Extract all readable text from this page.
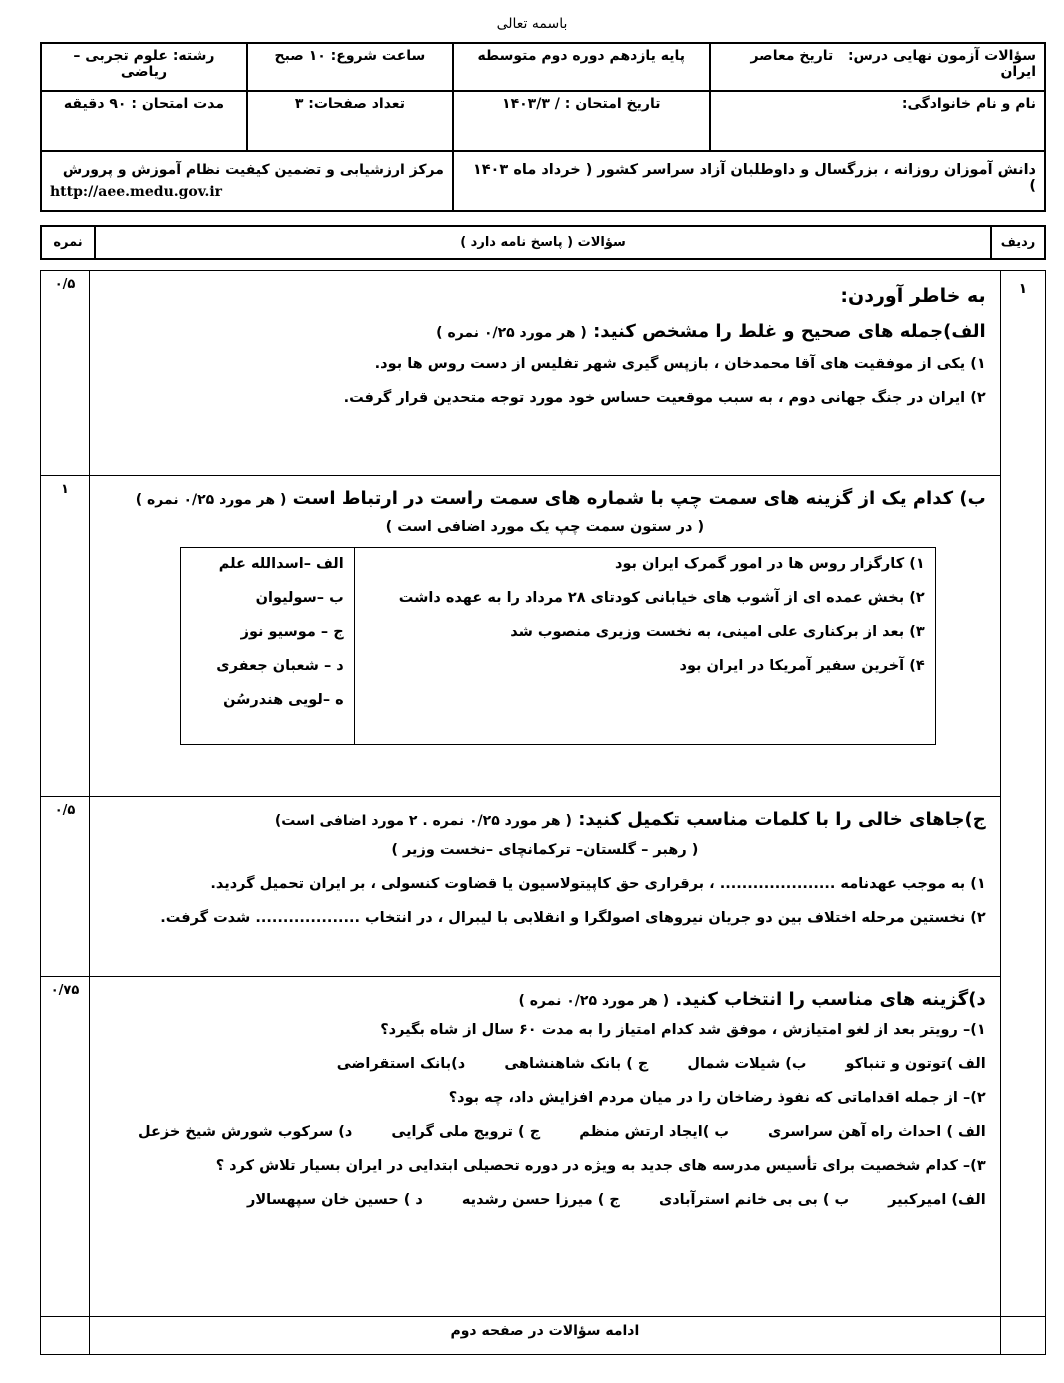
باسمه تعالی
سؤالات آزمون نهایی درس:   تاریخ معاصر ایران	پایه یازدهم دوره دوم متوسطه	ساعت شروع: ۱۰ صبح	رشته: علوم تجربی – ریاضی
نام و نام خانوادگی:	تاریخ امتحان : / ۱۴۰۳/۳	تعداد صفحات: ۳	مدت امتحان : ۹۰ دقیقه
دانش آموزان روزانه ، بزرگسال و داوطلبان آزاد سراسر کشور ( خرداد ماه ۱۴۰۳ )		مرکز ارزشیابی و تضمین کیفیت نظام آموزش و پرورش
http://aee.medu.gov.ir	
ردیف	سؤالات ( پاسخ نامه دارد )	نمره
۱	
به خاطر آوردن:
الف)جمله های صحیح و غلط را مشخص کنید: ( هر مورد ۰/۲۵ نمره )
۱) یکی از موفقیت های آقا محمدخان ، بازپس گیری شهر تفلیس از دست روس ها بود.
۲) ایران در جنگ جهانی دوم ، به سبب موقعیت حساس خود مورد توجه متحدین قرار گرفت.
	۰/۵

ب) کدام یک از گزینه های سمت چپ با شماره های سمت راست در ارتباط است ( هر مورد ۰/۲۵ نمره )
( در ستون سمت چپ یک مورد اضافی است )
۱) کارگزار روس ها در امور گمرک ایران بود
۲) بخش عمده ای از آشوب های خیابانی کودتای ۲۸ مرداد را به عهده داشت
۳) بعد از برکناری علی امینی، به نخست وزیری منصوب شد
۴) آخرین سفیر آمریکا در ایران بود

الف –اسدالله علم
ب –سولیوان
ج – موسیو نوز
د – شعبان جعفری
ه –لویی هندرسُن
	۱

ج)جاهای خالی را با کلمات مناسب تکمیل کنید: ( هر مورد ۰/۲۵ نمره . ۲ مورد اضافی است)
( رهبر – گلستان– ترکمانچای –نخست وزیر )
۱) به موجب عهدنامه ..................... ، برقراری حق کاپیتولاسیون یا قضاوت کنسولی ، بر ایران تحمیل گردید.
۲) نخستین مرحله اختلاف بین دو جریان نیروهای اصولگرا و انقلابی با لیبرال ، در انتخاب ................... شدت گرفت.
	۰/۵

د)گزینه های مناسب را انتخاب کنید. ( هر مورد ۰/۲۵ نمره )
۱)– رویتر بعد از لغو امتیازش ، موفق شد کدام امتیاز را به مدت ۶۰ سال از شاه بگیرد؟
الف )توتون و تنباکو ب) شیلات شمال ج ) بانک شاهنشاهی د)بانک استقراضی
۲)– از جمله اقداماتی که نفوذ رضاخان را در میان مردم افزایش داد، چه بود؟
الف ) احداث راه آهن سراسری ب )ایجاد ارتش منظم ج ) ترویج ملی گرایی د) سرکوب شورش شیخ خزعل
۳)– کدام شخصیت برای تأسیس مدرسه های جدید به ویژه در دوره تحصیلی ابتدایی در ایران بسیار تلاش کرد ؟
الف) امیرکبیر ب ) بی بی خانم استرآبادی ج ) میرزا حسن رشدیه د ) حسین خان سپهسالار
	۰/۷۵
	ادامه سؤالات در صفحه دوم	
